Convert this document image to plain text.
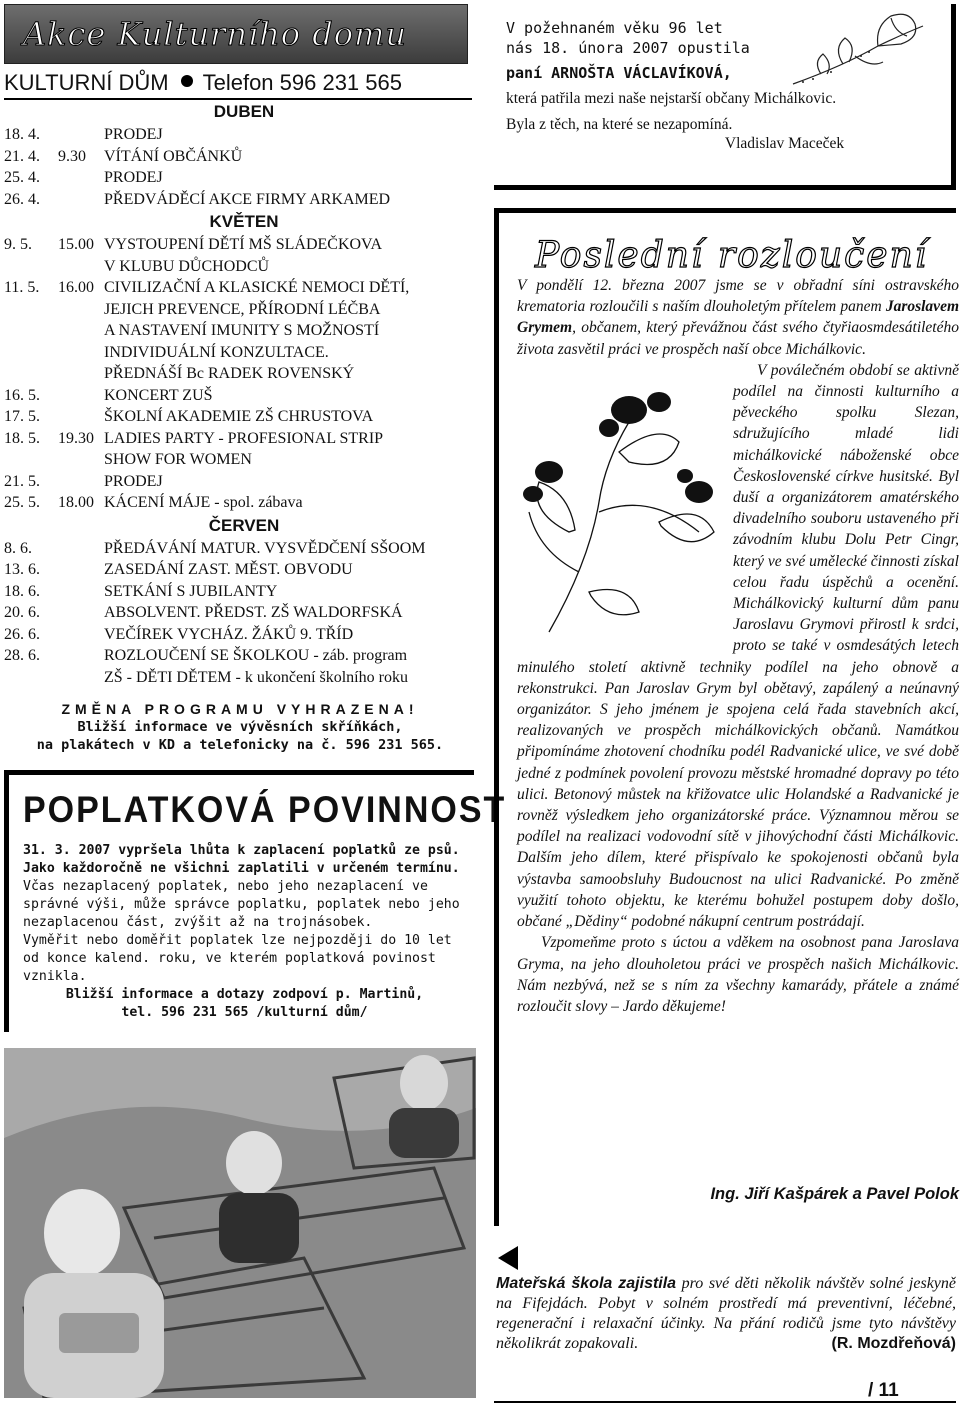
Akce Kulturního domu
KULTURNÍ DŮM Telefon 596 231 565
DUBEN
18. 4.	PRODEJ
21. 4. 9.30 VÍTÁNÍ OBČÁNKŮ
25. 4.	PRODEJ
26. 4.	PŘEDVÁDĚCÍ AKCE FIRMY ARKAMED
KVĚTEN
9. 5. 15.00 VYSTOUPENÍ DĚTÍ MŠ SLÁDEČKOVA
V KLUBU DŮCHODCŮ
11. 5. 16.00 CIVILIZAČNÍ A KLASICKÉ NEMOCI DĚTÍ,
JEJICH PREVENCE, PŘÍRODNÍ LÉČBA
A NASTAVENÍ IMUNITY S MOŽNOSTÍ
INDIVIDUÁLNÍ KONZULTACE.
PŘEDNÁŠÍ Bc RADEK ROVENSKÝ
16. 5.	KONCERT ZUŠ
17. 5.	ŠKOLNÍ AKADEMIE ZŠ CHRUSTOVA
18. 5. 19.30 LADIES PARTY - PROFESIONAL STRIP
SHOW FOR WOMEN
21. 5.	PRODEJ
25. 5. 18.00 KÁCENÍ MÁJE - spol. zábava
ČERVEN
8. 6.	PŘEDÁVÁNÍ MATUR. VYSVĚDČENÍ SŠOOM
13. 6.	ZASEDÁNÍ ZAST. MĚST. OBVODU
18. 6.	SETKÁNÍ S JUBILANTY
20. 6.	ABSOLVENT. PŘEDST. ZŠ WALDORFSKÁ
26. 6.	VEČÍREK VYCHÁZ. ŽÁKŮ 9. TŘÍD
28. 6.	ROZLOUČENÍ SE ŠKOLKOU - záb. program
ZŠ - DĚTI DĚTEM - k ukončení školního roku
ZMĚNA PROGRAMU VYHRAZENA!
Bližší informace ve vývěsních skříňkách,
na plakátech v KD a telefonicky na č. 596 231 565.
POPLATKOVÁ POVINNOST
31. 3. 2007 vypršela lhůta k zaplacení poplatků ze psů. Jako každoročně ne všichni zaplatili v určeném termínu.
Včas nezaplacený poplatek, nebo jeho nezaplacení ve správné výši, může správce poplatku, poplatek nebo jeho nezaplacenou část, zvýšit až na trojnásobek.
Vyměřit nebo doměřit poplatek lze nejpozději do 10 let od konce kalend. roku, ve kterém poplatková povinost vznikla.
Bližší informace a dotazy zodpoví p. Martinů,
tel. 596 231 565 /kulturní dům/
V požehnaném věku 96 let
nás 18. února 2007 opustila
paní ARNOŠTA VÁCLAVÍKOVÁ,
která patřila mezi naše nejstarší občany Michálkovic.
Byla z těch, na které se nezapomíná.
Vladislav Maceček
Poslední rozloučení

V pondělí 12. března 2007 jsme se v obřadní síni ostravského krematoria rozloučili s naším dlouholetým přítelem panem Jaroslavem Grymem, občanem, který převážnou část svého čtyřiaosmdesátiletého života zasvětil práci ve prospěch naší obce Michálkovic.

V poválečném období se aktivně podílel na činnosti kulturního a pěveckého spolku Slezan, sdružujícího mladé lidi michálkovické náboženské obce Československé církve husitské. Byl duší a organizátorem amatérského divadelního souboru ustaveného při závodním klubu Dolu Petr Cingr, který ve své umělecké činnosti získal celou řadu úspěchů a ocenění. Michálkovický kulturní dům panu Jaroslavu Grymovi přirostl k srdci, proto se také v osmdesátých letech minulého století aktivně techniky podílel na jeho obnově a rekonstrukci. Pan Jaroslav Grym byl obětavý, zapálený a neúnavný organizátor. S jeho jménem je spojena celá řada stavebních akcí, realizovaných ve prospěch michálkovických občanů. Namátkou připomínáme zhotovení chodníku podél Radvanické ulice, ve své době jedné z podmínek povolení provozu městské hromadné dopravy po této ulici. Betonový můstek na křižovatce ulic Holandské a Radvanické je rovněž výsledkem jeho organizátorské práce. Významnou měrou se podílel na realizaci vodovodní sítě v jihovýchodní části Michálkovic. Dalším jeho dílem, které přispívalo ke spokojenosti občanů byla výstavba samoobsluhy Budoucnost na ulici Radvanické. Po změně využití tohoto objektu, ke kterému bohužel postupem doby došlo, občané „Dědiny“ podobné nákupní centrum postrádají.

Vzpomeňme proto s úctou a vděkem na osobnost pana Jaroslava Gryma, na jeho dlouholetou práci ve prospěch našich Michálkovic. Nám nezbývá, než se s ním za všechny kamarády, přátele a známé rozloučit slovy – Jardo děkujeme!

Ing. Jiří Kašpárek a Pavel Polok
Mateřská škola zajistila pro své děti několik návštěv solné jeskyně na Fifejdách. Pobyt v solném prostředí má preventivní, léčebné, regenerační i relaxační účinky. Na přání rodičů jsme tyto návštěvy několikrát zopakovali.	(R. Mozdřeňová)
/ 11
